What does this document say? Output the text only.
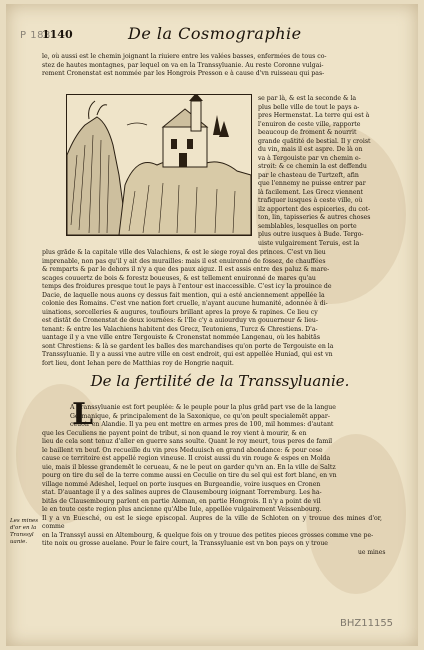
P 188
1140	De la Cosmographie
le, où aussi est le chemin joignant la riuiere entre les valées basses, enfermées de tous co-
stez de hautes montagnes, par lequel on va en la Transsyluanie. Au reste Coronne vulgai-
rement Cronenstat est nommée par les Hongrois Presson e à cause d'vn ruisseau qui pas-
se par là, & est la seconde & la
plus belle ville de tout le pays a-
pres Hermenstat. La terre qui est à
l'enuiron de ceste ville, rapporte
beaucoup de froment & nourrit
grande quātité de bestial. Il y croist
du vin, mais il est aspre. De là on
va à Tergouiste par vn chemin e-
stroit: & ce chemin la est deffendu
par le chasteau de Turtzeft, afin
que l'ennemy ne puisse entrer par
là facilement. Les Grecz viennent
trafiquer iusques à ceste ville, où
ilz apportent des espiceries, du cot-
ton, lin, tapisseries & autres choses
semblables, lesquelles on porte
plus outre iusques à Bude. Tergo-
uiste vulgairement Teruis, est la
plus grāde & la capitale ville des Valachiens, & est le siege royal des princes. C'est vn lieu
imprenable, non pas qu'il y ait des murailles: mais il est enuironné de fossez, de chauffées
& remparts & par le dehors il n'y a que des paux aiguz. Il est assis entre des paluz & mare-
scages couuertz de bois & forestz boueuses, & est tellement enuironné de mares qu'au
temps des froidures presque tout le pays à l'entour est inaccessible. C'est icy la prouince de
Dacie, de laquelle nous auons cy dessus fait mention, qui a esté anciennement appellée la
colonie des Romains. C'est vne nation fort cruelle, n'ayant aucune humanité, adonnée à di-
uinations, sorcelleries & augures, toufiours brillant apres la proye & rapines. Ce lieu cy
est distāt de Cronenstat de deux iournées: & l'Ile c'y a auiourduy vn gouuerneur & lieu-
tenant: & entre les Valachiens habitent des Grecz, Teutoniens, Turcz & Chrestiens. D'a-
uantage il y a vne ville entre Tergouiste & Cronenstat nommée Langenau, où les habitās
sont Chrestiens: & là se gardent les balles des marchandises qu'on porte de Tergouiste en la
Transsyluanie. Il y a aussi vne autre ville en cest endroit, qui est appellée Huniad, qui est vn
fort lieu, dont Iehan pere de Matthias roy de Hongrie naquit.
De la fertilité de la Transsyluanie.
L
A Transsyluanie est fort peuplée: & le peuple pour la plus grād part vse de la langue
Germanique, & principalement de la Saxonique, ce qu'on peult specialemēt appar-
ceuoir en Alandie. Il ya peu ent mettre en armes pres de 100, mil hommes: d'autant
que les Ceculiens ne payent point de tribut, si non quand le roy vient à mourir, & en
lieu de cela sont tenuz d'aller en guerre sans soulte. Quant le roy meurt, tous peres de famil
le baillent vn beuf. On recueille du vin pres Meduuisch en grand abondance: & pour cese
cause ce territoire est appellé region vineuse. Il croist aussi du vin rouge & espes en Molda
uie, mais il blesse grandemēt le cerueau, & ne le peut on garder qu'vn an. En la ville de Saltz
pourg on tire du sel de la terre comme aussi en Ceculie on tire du sel qui est fort blanc, en vn
village nommé Adeshel, lequel on porte iusques en Burgeandie, voire iusques en Cronen
stat. D'auantage il y a des salines aupres de Clausembourg ioignant Torremburg. Les ha-
bitās de Clausembourg parlent en partie Aleman, en partie Hongrois. Il n'y a point de vil
le en toute ceste region plus ancienne qu'Albe Iule, appellée vulgairement Veissenbourg.
Il y a vn Euesché, ou est le siege episcopal. Aupres de la ville de Schloten on y trouue des mines d'or, comme
en la Transsyl aussi en Altembourg, & quelque fois on y trouue des petites pieces grosses comme vne pe-
tite noix ou grosse auelane. Pour le faire court, la Transsyluanie est vn bon pays on y troue
Les mines d'or en la Transsyl uanie.
ue mines
BHZ11155
